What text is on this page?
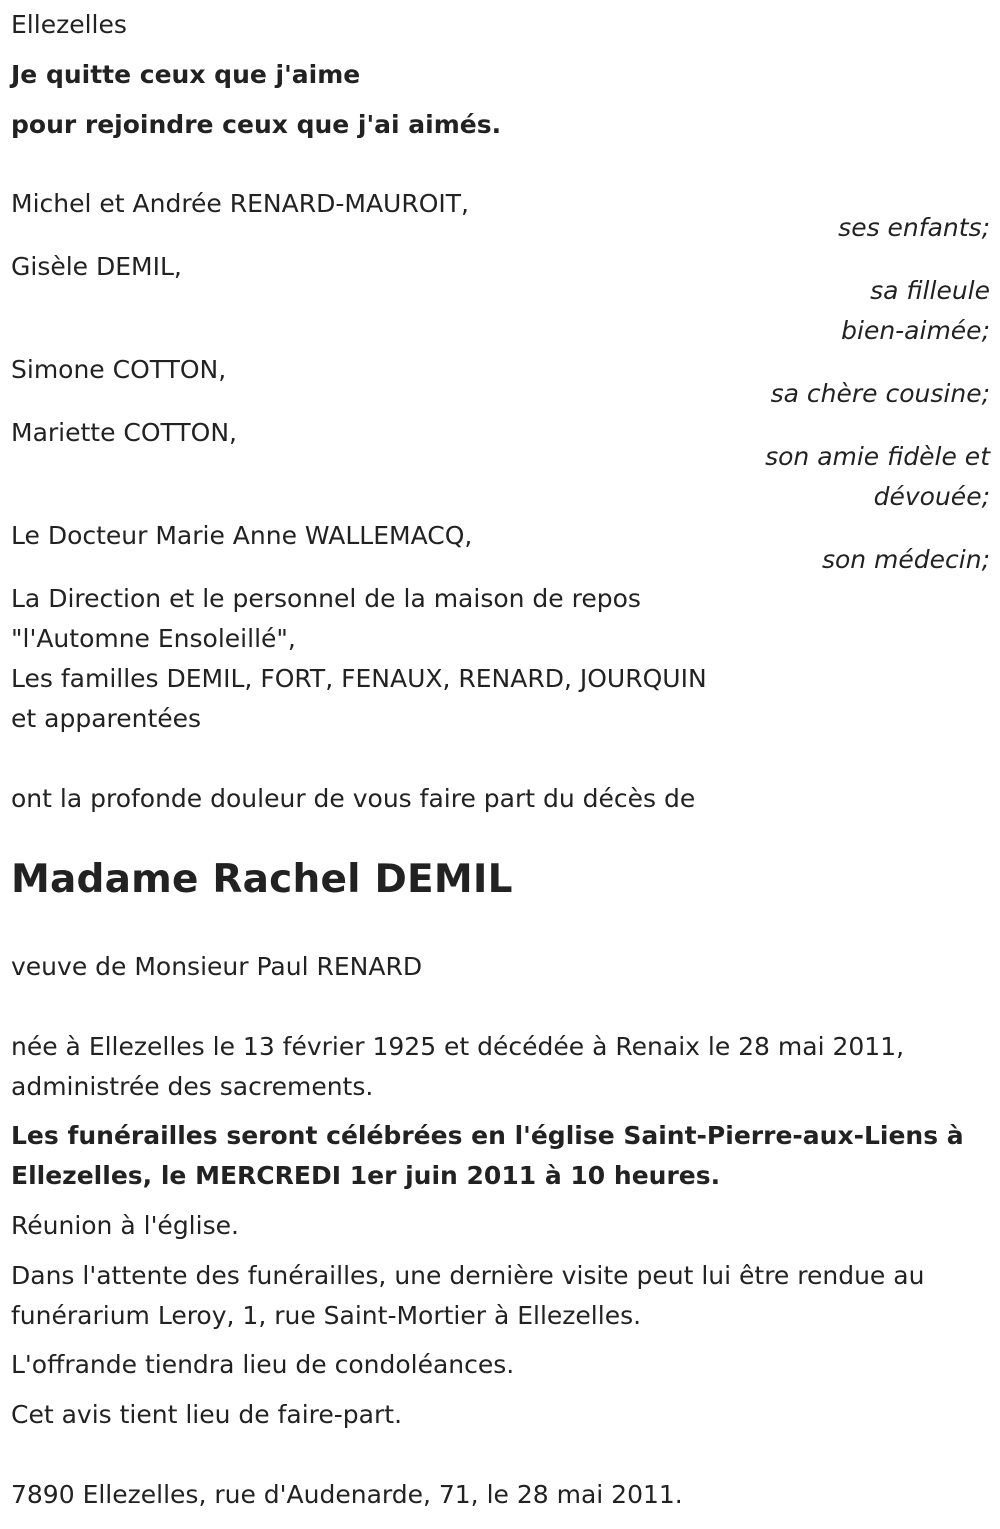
Ellezelles
Je quitte ceux que j'aime
pour rejoindre ceux que j'ai aimés.
Michel et Andrée RENARD-MAUROIT,
ses enfants;
Gisèle DEMIL,
sa filleule
bien-aimée;
Simone COTTON,
sa chère cousine;
Mariette COTTON,
son amie fidèle et
dévouée;
Le Docteur Marie Anne WALLEMACQ,
son médecin;
La Direction et le personnel de la maison de repos
"l'Automne Ensoleillé",
Les familles DEMIL, FORT, FENAUX, RENARD, JOURQUIN
et apparentées
ont la profonde douleur de vous faire part du décès de
Madame Rachel DEMIL
veuve de Monsieur Paul RENARD
née à Ellezelles le 13 février 1925 et décédée à Renaix le 28 mai 2011,
administrée des sacrements.
Les funérailles seront célébrées en l'église Saint-Pierre-aux-Liens à
Ellezelles, le MERCREDI 1er juin 2011 à 10 heures.
Réunion à l'église.
Dans l'attente des funérailles, une dernière visite peut lui être rendue au
funérarium Leroy, 1, rue Saint-Mortier à Ellezelles.
L'offrande tiendra lieu de condoléances.
Cet avis tient lieu de faire-part.
7890 Ellezelles, rue d'Audenarde, 71, le 28 mai 2011.
